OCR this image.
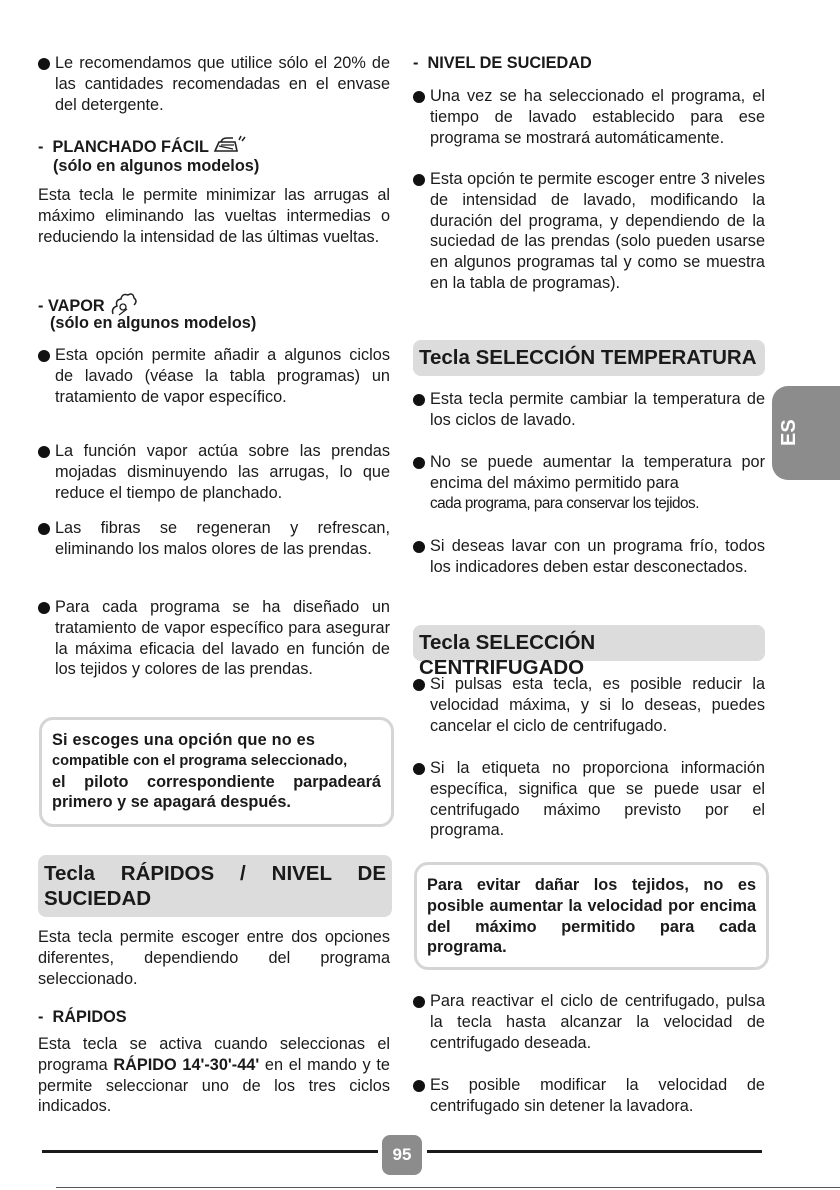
Le recomendamos que utilice sólo el 20% de las cantidades recomendadas en el envase del detergente.
-  PLANCHADO FÁCIL
(sólo en algunos modelos)
Esta tecla le permite minimizar las arrugas al máximo eliminando las vueltas intermedias o reduciendo la intensidad de las últimas vueltas.
- VAPOR
(sólo en algunos modelos)
Esta opción permite añadir a algunos ciclos de lavado (véase la tabla programas) un tratamiento de vapor específico.
La función vapor actúa sobre las prendas mojadas disminuyendo las arrugas, lo que reduce el tiempo de planchado.
Las fibras se regeneran y refrescan, eliminando los malos olores de las prendas.
Para cada programa se ha diseñado un tratamiento de vapor específico para asegurar la máxima eficacia del lavado en función de los tejidos y colores de las prendas.
Si escoges una opción que no es
compatible con el programa seleccionado,
el piloto correspondiente parpadeará primero y se apagará después.
Tecla RÁPIDOS / NIVEL DE SUCIEDAD
Esta tecla permite escoger entre dos opciones diferentes, dependiendo del programa seleccionado.
-  RÁPIDOS
Esta tecla se activa cuando seleccionas el programa RÁPIDO 14'-30'-44' en el mando y te permite seleccionar uno de los tres ciclos indicados.
-  NIVEL DE SUCIEDAD
Una vez se ha seleccionado el programa, el tiempo de lavado establecido para ese programa se mostrará automáticamente.
Esta opción te permite escoger entre 3 niveles de intensidad de lavado, modificando la duración del programa, y dependiendo de la suciedad de las prendas (solo pueden usarse en algunos programas tal y como se muestra en la tabla de programas).
Tecla SELECCIÓN TEMPERATURA
Esta tecla permite cambiar la temperatura de los ciclos de lavado.
No se puede aumentar la temperatura por encima del máximo permitido para
cada programa, para conservar los tejidos.
Si deseas lavar con un programa frío, todos los indicadores deben estar desconectados.
Tecla SELECCIÓN CENTRIFUGADO
Si pulsas esta tecla, es posible reducir la velocidad máxima, y si lo deseas, puedes cancelar el ciclo de centrifugado.
Si la etiqueta no proporciona información específica, significa que se puede usar el centrifugado máximo previsto por el programa.
Para evitar dañar los tejidos, no es posible aumentar la velocidad por encima del máximo permitido para cada programa.
Para reactivar el ciclo de centrifugado, pulsa la tecla hasta alcanzar la velocidad de centrifugado deseada.
Es posible modificar la velocidad de centrifugado sin detener la lavadora.
ES
95
